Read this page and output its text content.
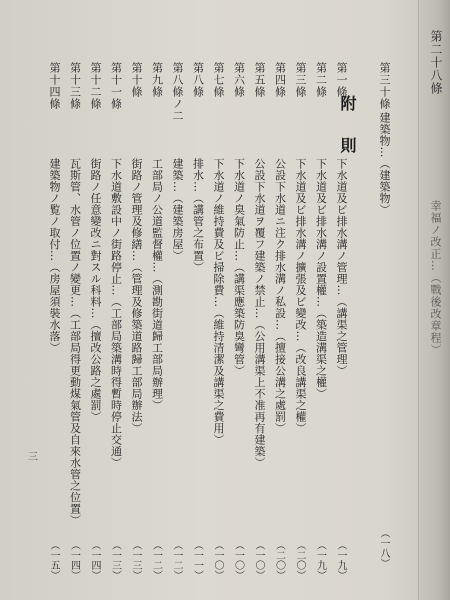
附則
第十四條
建築物ノ覧ノ取付…（房屋須裝水落）
（一五）
第十三條
瓦斯管、水管ノ位置ノ變更…（工部局得更動煤氣管及自來水管之位置）
（一四）
第十二條
街路ノ任意變改ニ對スル科料…（擅改公路之處罰）
（一四）
第十一條
下水道敷設中ノ街路停止…（工部局築溝時得暫時停止交通）
（一三）
第十條
街路ノ管理及修繕…（管理及修築道路歸工部局辦法）
（一三）
第九條
工部局ノ公道監督權…（測勘街道歸工部局辦理）
（一二）
第八條ノ二
建築…（建築房屋）
（一二）
第八條
排水…（講管之布置）
（一一）
第七條
下水道ノ維持費及ビ掃除費…（維持清潔及講渠之費用）
（一〇）
第六條
下水道ノ臭氣防止…（講渠應築防臭彎管）
（一〇）
第五條
公設下水道ヲ覆フ建築ノ禁止…（公用溝渠上不准再有建築）
（一〇）
第四條
公設下水道ニ注ク排水溝ノ私設…（擅接公溝之處罰）
（二〇）
第三條
下水道及ビ排水溝ノ擴張及ビ變改…（改良講渠之權）
（二〇）
第二條
下水道及ビ排水溝ノ設置權…（築造溝渠之權）
（一九）
第一條
下水道及ビ排水溝ノ管理…（講渠之管理）
（一九）
第三十條
建築物…（建築物）
（一八）
三
第二十八條
幸福ノ改正…（戰後改章程）
